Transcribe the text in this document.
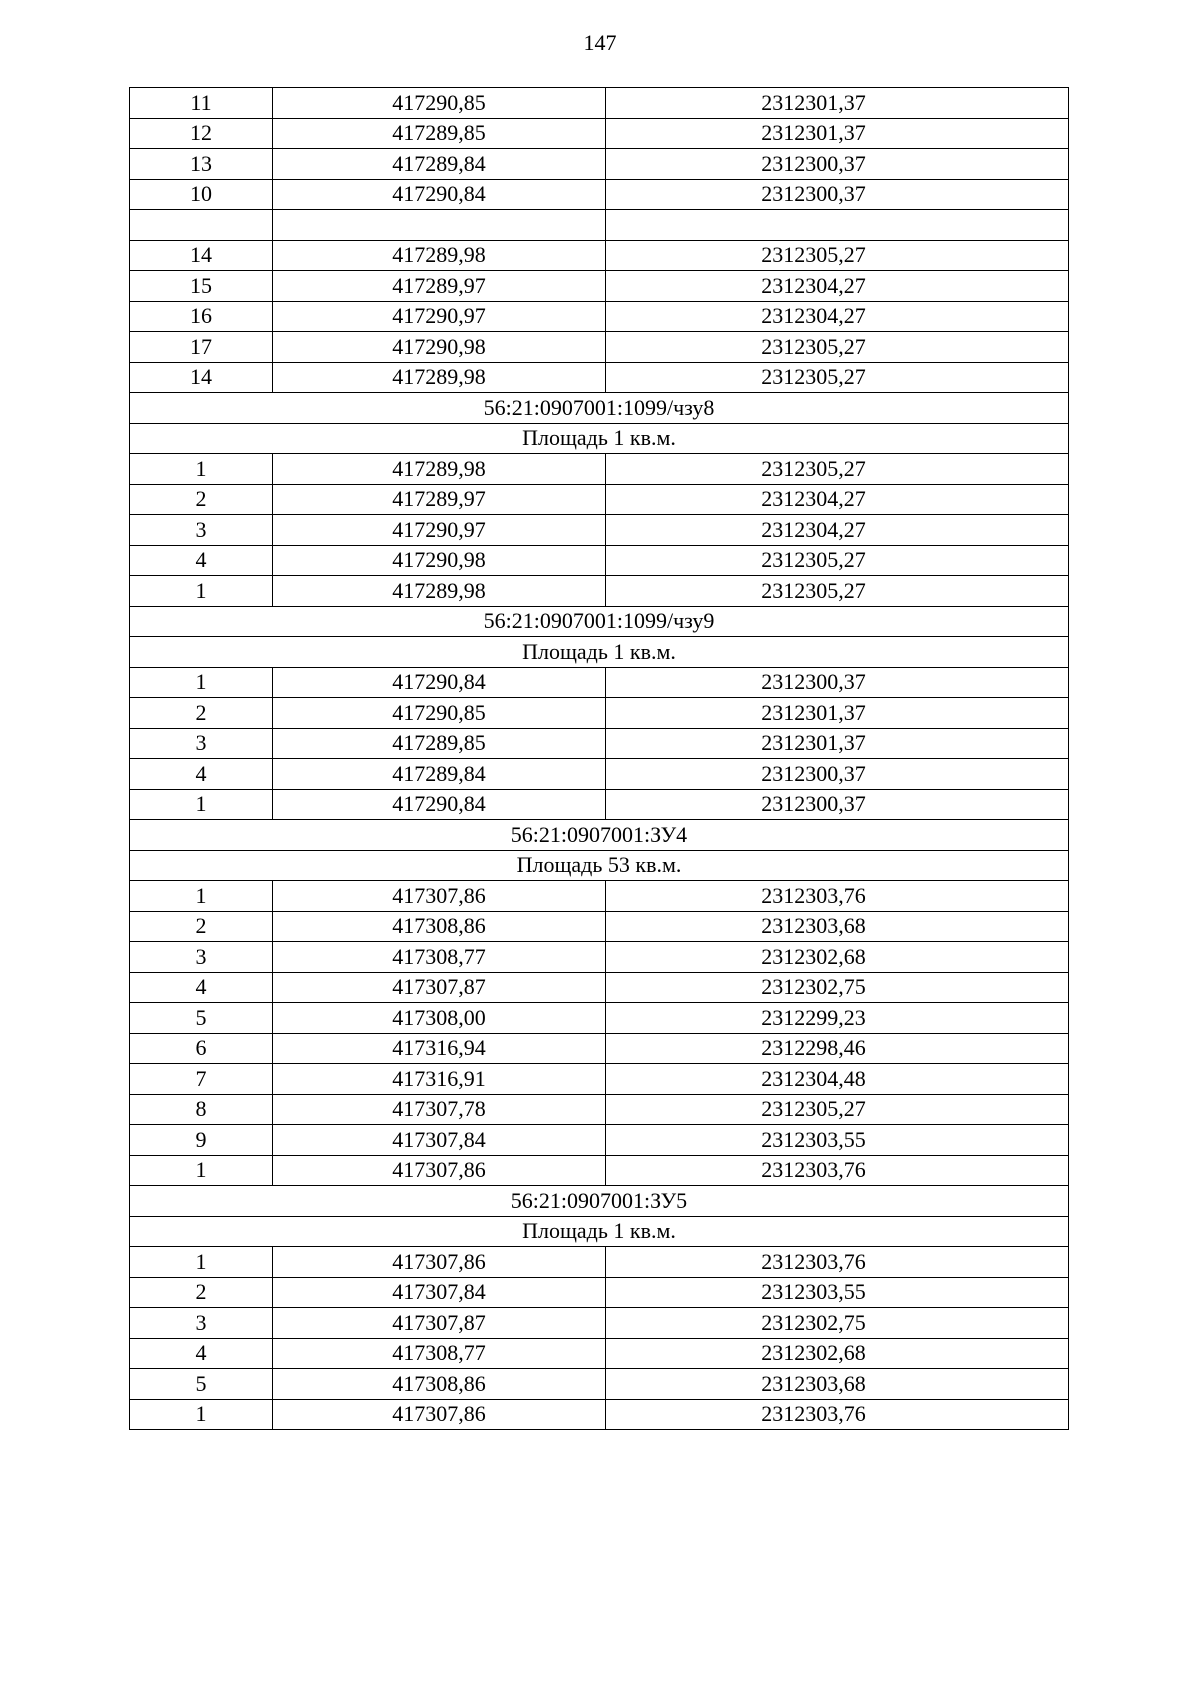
147
11	417290,85	2312301,37
12	417289,85	2312301,37
13	417289,84	2312300,37
10	417290,84	2312300,37

14	417289,98	2312305,27
15	417289,97	2312304,27
16	417290,97	2312304,27
17	417290,98	2312305,27
14	417289,98	2312305,27
56:21:0907001:1099/чзу8		
Площадь 1 кв.м.		
1	417289,98	2312305,27
2	417289,97	2312304,27
3	417290,97	2312304,27
4	417290,98	2312305,27
1	417289,98	2312305,27
56:21:0907001:1099/чзу9		
Площадь 1 кв.м.		
1	417290,84	2312300,37
2	417290,85	2312301,37
3	417289,85	2312301,37
4	417289,84	2312300,37
1	417290,84	2312300,37
56:21:0907001:ЗУ4		
Площадь 53 кв.м.		
1	417307,86	2312303,76
2	417308,86	2312303,68
3	417308,77	2312302,68
4	417307,87	2312302,75
5	417308,00	2312299,23
6	417316,94	2312298,46
7	417316,91	2312304,48
8	417307,78	2312305,27
9	417307,84	2312303,55
1	417307,86	2312303,76
56:21:0907001:ЗУ5		
Площадь 1 кв.м.		
1	417307,86	2312303,76
2	417307,84	2312303,55
3	417307,87	2312302,75
4	417308,77	2312302,68
5	417308,86	2312303,68
1	417307,86	2312303,76
